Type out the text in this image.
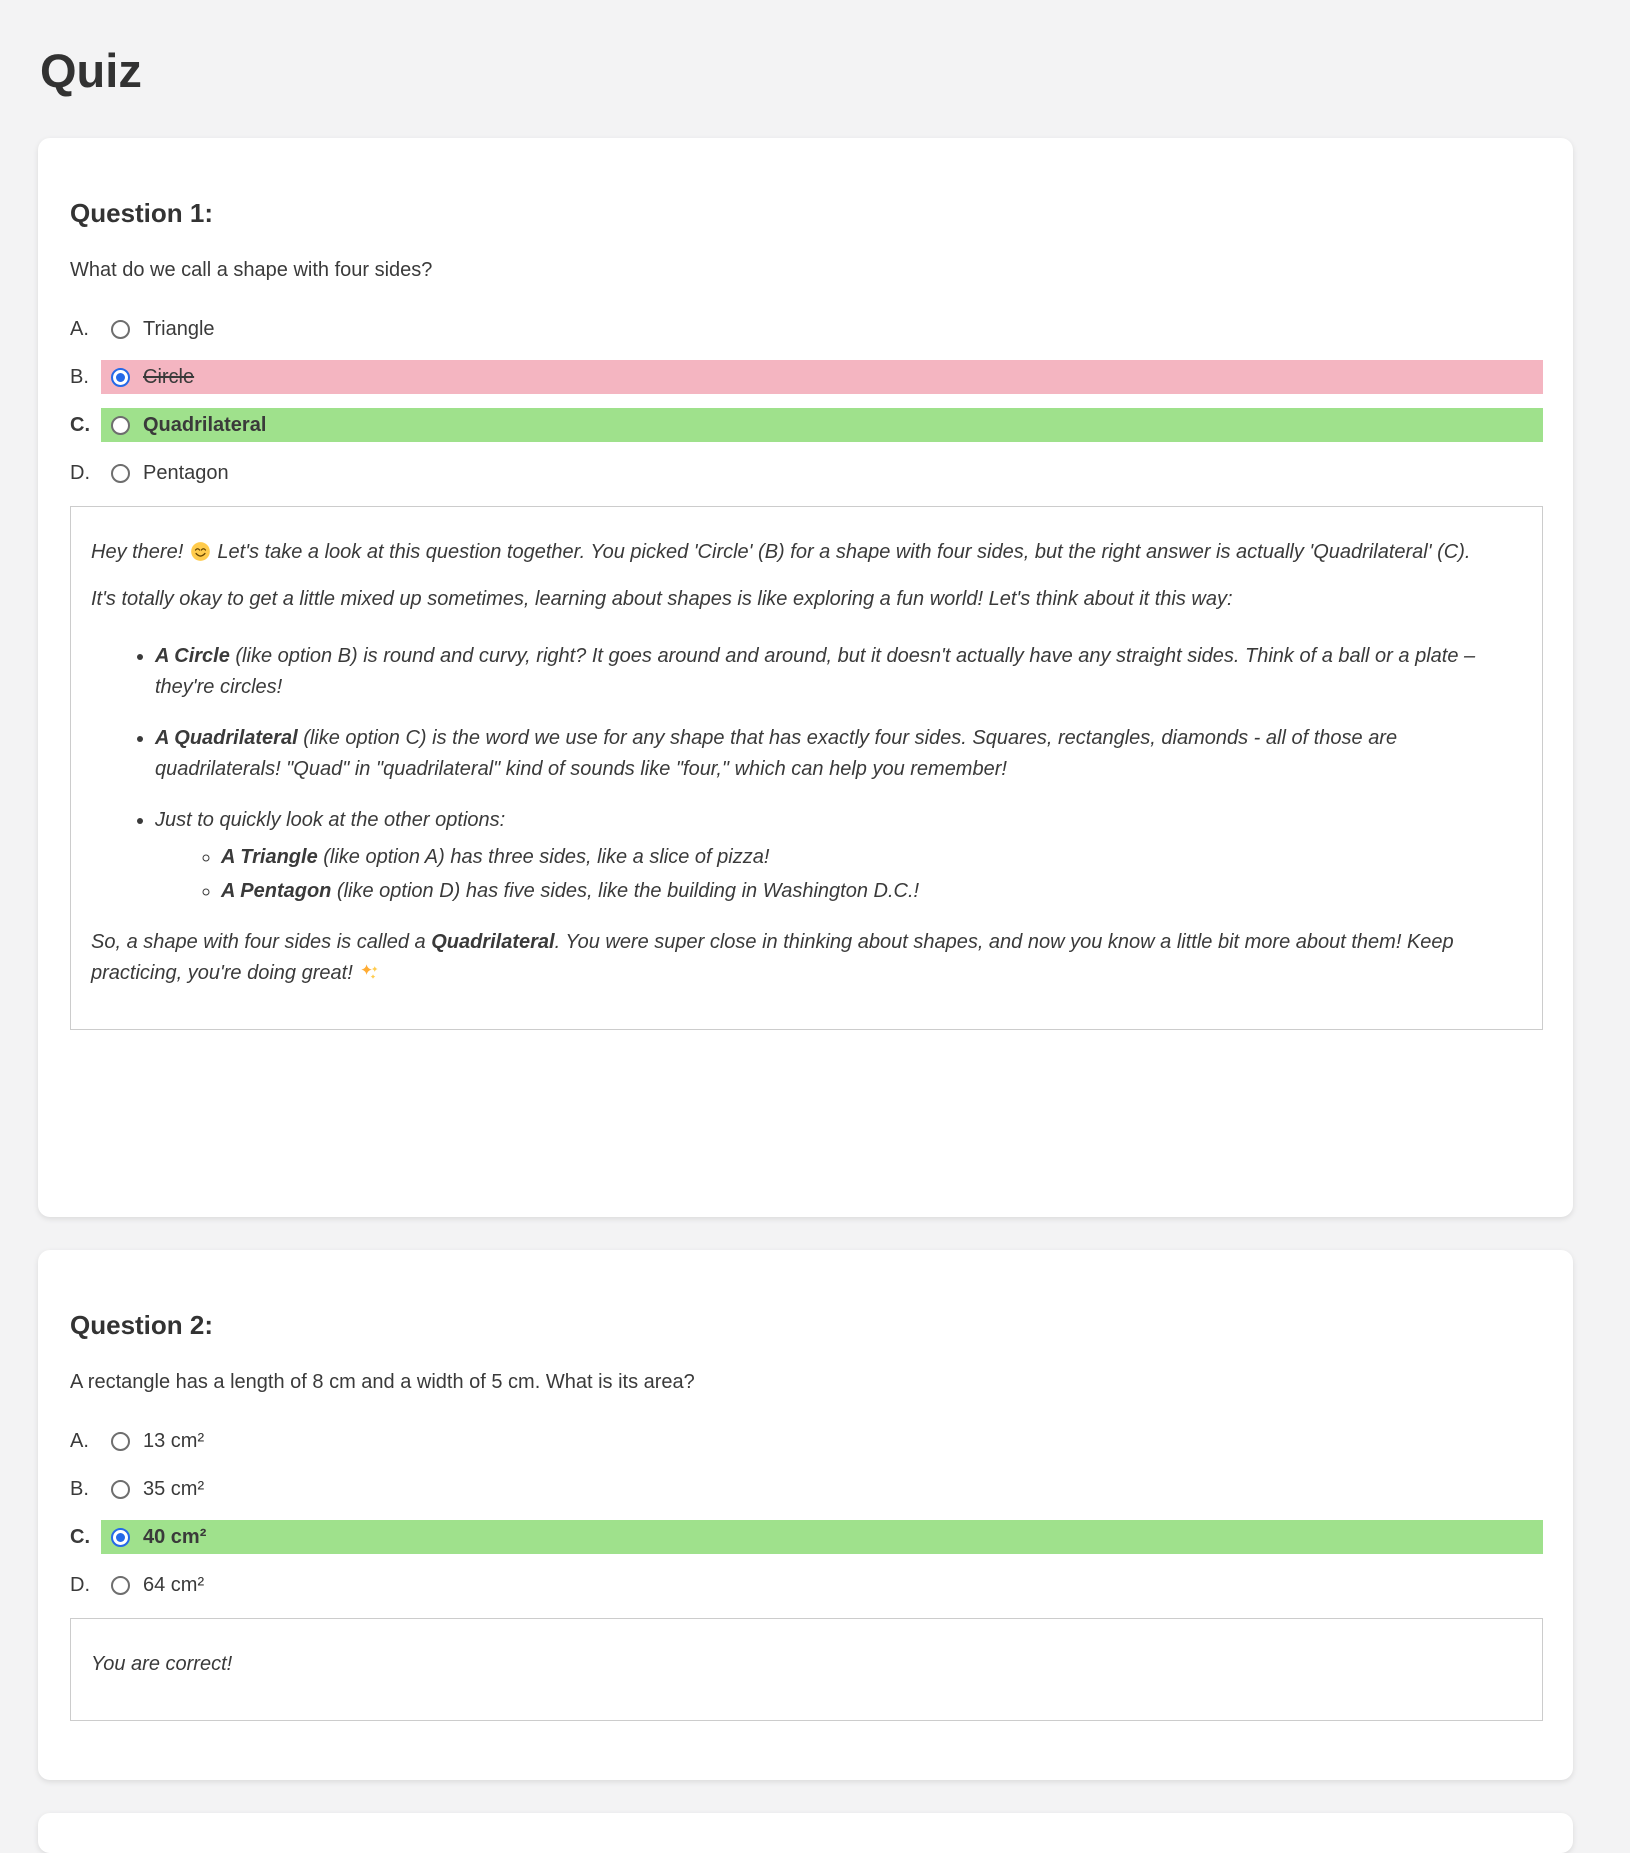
Quiz
Question 1:

What do we call a shape with four sides?

A.	Triangle
B.	Circle
C.	Quadrilateral
D.	Pentagon

Hey there!  Let's take a look at this question together. You picked 'Circle' (B) for a shape with four sides, but the right answer is actually 'Quadrilateral' (C).

It's totally okay to get a little mixed up sometimes, learning about shapes is like exploring a fun world! Let's think about it this way:

• A Circle (like option B) is round and curvy, right? It goes around and around, but it doesn't actually have any straight sides. Think of a ball or a plate – they're circles!
• A Quadrilateral (like option C) is the word we use for any shape that has exactly four sides. Squares, rectangles, diamonds - all of those are quadrilaterals! "Quad" in "quadrilateral" kind of sounds like "four," which can help you remember!
• Just to quickly look at the other options:
◦ A Triangle (like option A) has three sides, like a slice of pizza!
◦ A Pentagon (like option D) has five sides, like the building in Washington D.C.!

So, a shape with four sides is called a Quadrilateral. You were super close in thinking about shapes, and now you know a little bit more about them! Keep practicing, you're doing great!

Question 2:

A rectangle has a length of 8 cm and a width of 5 cm. What is its area?

A.	13 cm²
B.	35 cm²
C.	40 cm²
D.	64 cm²

You are correct!
